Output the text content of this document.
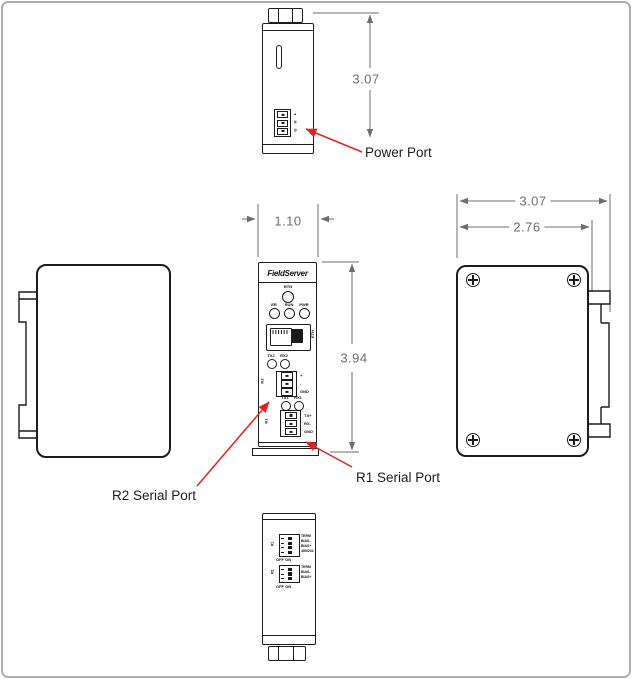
L
N
G
3.07
Power Port
FieldServer
BTN
ER RUN PWR
ETH
TX2 RX2
R2
+
-
GND
TX1 RX1
R1
TX+
RX-
GND
1.10
3.94
3.07
2.76
R1
TERM
BIAS-
BIAS+
485/232
OFF ON
R2
TERM
BIAS-
BIAS+
OFF ON
R2 Serial Port
R1 Serial Port
